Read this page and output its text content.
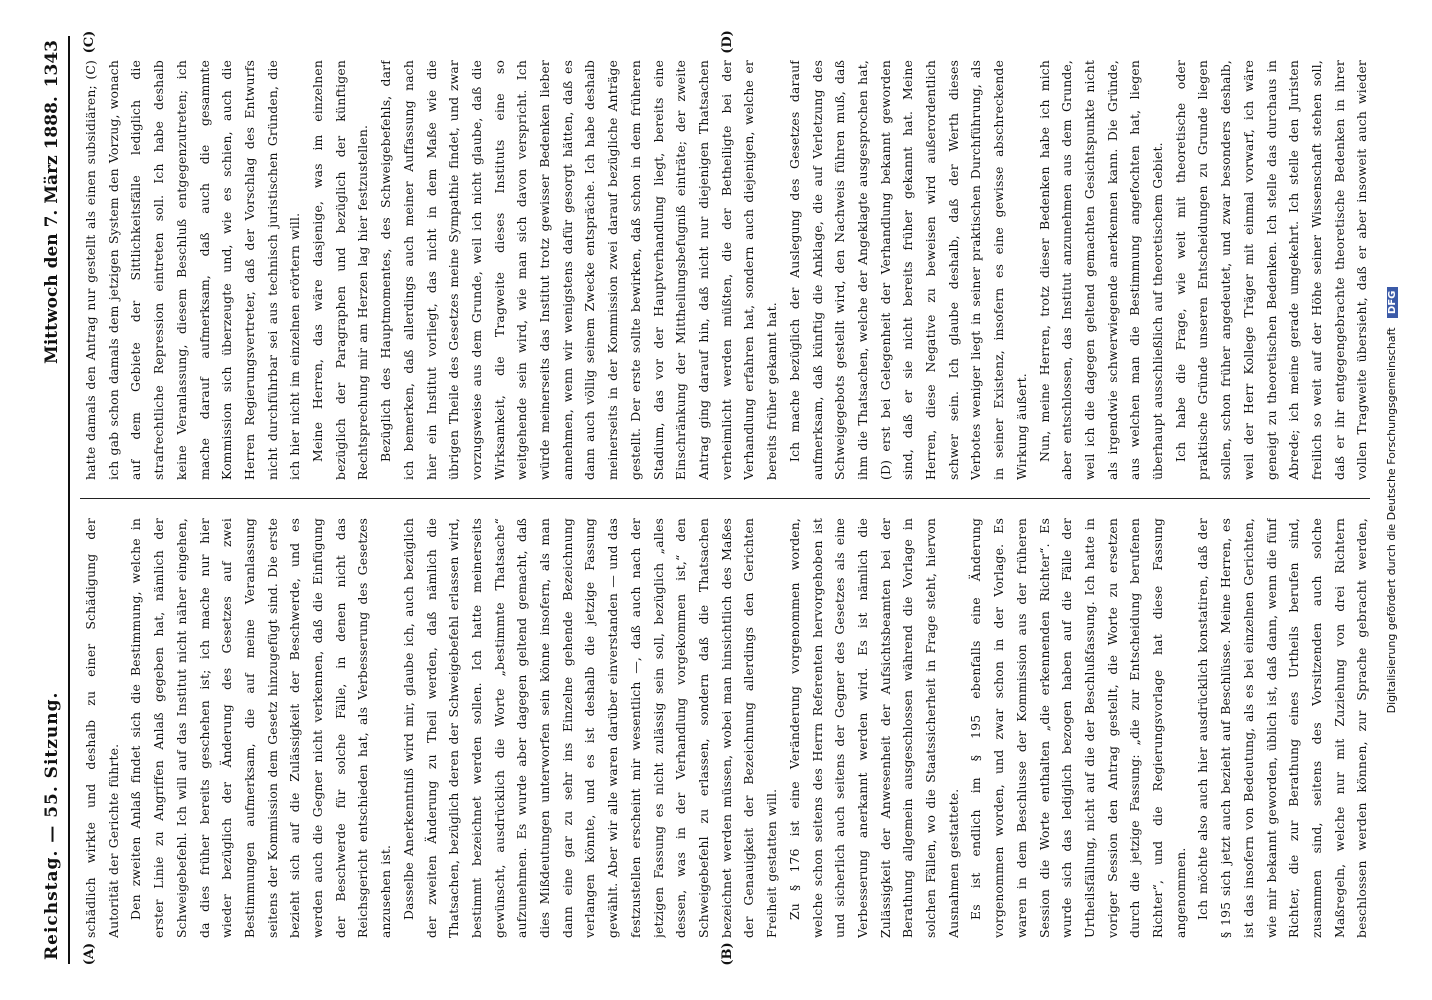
Reichstag. — 55. Sitzung.
Mittwoch den 7. März 1888.
1343
(A)	(B)
(C)	(D)

schädlich wirkte und deshalb zu einer Schädigung der Autorität der Gerichte führte. Den zweiten Anlaß findet sich die Bestimmung, welche in erster Linie zu Angriffen Anlaß gegeben hat, nämlich der Schweigebefehl. Ich will auf das Institut nicht näher eingehen, da dies früher bereits geschehen ist; ich mache nur hier wieder bezüglich der Änderung des Gesetzes auf zwei Bestimmungen aufmerksam, die auf meine Veranlassung seitens der Kommission dem Gesetz hinzugefügt sind. Die erste bezieht sich auf die Zulässigkeit der Beschwerde, und es werden auch die Gegner nicht verkennen, daß die Einfügung der Beschwerde für solche Fälle, in denen nicht das Reichsgericht entschieden hat, als Verbesserung des Gesetzes anzusehen ist. Dasselbe Anerkenntniß wird mir, glaube ich, auch bezüglich der zweiten Änderung zu Theil werden, daß nämlich die Thatsachen, bezüglich deren der Schweigebefehl erlassen wird, bestimmt bezeichnet werden sollen. Ich hatte meinerseits gewünscht, ausdrücklich die Worte „bestimmte Thatsache“ aufzunehmen. Es wurde aber dagegen geltend gemacht, daß dies Mißdeutungen unterworfen sein könne insofern, als man dann eine gar zu sehr ins Einzelne gehende Bezeichnung verlangen könnte, und es ist deshalb die jetzige Fassung gewählt. Aber wir alle waren darüber einverstanden — und das festzustellen erscheint mir wesentlich —, daß auch nach der jetzigen Fassung es nicht zulässig sein soll, bezüglich „alles dessen, was in der Verhandlung vorgekommen ist,“ den Schweigebefehl zu erlassen, sondern daß die Thatsachen bezeichnet werden müssen, wobei man hinsichtlich des Maßes der Genauigkeit der Bezeichnung allerdings den Gerichten Freiheit gestatten will. Zu § 176 ist eine Veränderung vorgenommen worden, welche schon seitens des Herrn Referenten hervorgehoben ist und sicherlich auch seitens der Gegner des Gesetzes als eine Verbesserung anerkannt werden wird. Es ist nämlich die Zulässigkeit der Anwesenheit der Aufsichtsbeamten bei der Berathung allgemein ausgeschlossen während die Vorlage in solchen Fällen, wo die Staatssicherheit in Frage steht, hiervon Ausnahmen gestattete. Es ist endlich im § 195 ebenfalls eine Änderung vorgenommen worden, und zwar schon in der Vorlage. Es waren in dem Beschlusse der Kommission aus der früheren Session die Worte enthalten „die erkennenden Richter“. Es wurde sich das lediglich bezogen haben auf die Fälle der Urtheilsfällung, nicht auf die der Beschlußfassung. Ich hatte in voriger Session den Antrag gestellt, die Worte zu ersetzen durch die jetzige Fassung: „die zur Entscheidung berufenen Richter“, und die Regierungsvorlage hat diese Fassung angenommen. Ich möchte also auch hier ausdrücklich konstatiren, daß der § 195 sich jetzt auch bezieht auf Beschlüsse. Meine Herren, es ist das insofern von Bedeutung, als es bei einzelnen Gerichten, wie mir bekannt geworden, üblich ist, daß dann, wenn die fünf Richter, die zur Berathung eines Urtheils berufen sind, zusammen sind, seitens des Vorsitzenden auch solche Maßregeln, welche nur mit Zuziehung von drei Richtern beschlossen werden können, zur Sprache gebracht werden,

hatte damals den Antrag nur gestellt als einen subsidiären; (C) ich gab schon damals dem jetzigen System den Vorzug, wonach auf dem Gebiete der Sittlichkeitsfälle lediglich die strafrechtliche Repression eintreten soll. Ich habe deshalb keine Veranlassung, diesem Beschluß entgegenzutreten; ich mache darauf aufmerksam, daß auch die gesammte Kommission sich überzeugte und, wie es schien, auch die Herren Regierungsvertreter, daß der Vorschlag des Entwurfs nicht durchführbar sei aus technisch juristischen Gründen, die ich hier nicht im einzelnen erörtern will. Meine Herren, das wäre dasjenige, was im einzelnen bezüglich der Paragraphen und bezüglich der künftigen Rechtsprechung mir am Herzen lag hier festzustellen. Bezüglich des Hauptmomentes, des Schweigebefehls, darf ich bemerken, daß allerdings auch meiner Auffassung nach hier ein Institut vorliegt, das nicht in dem Maße wie die übrigen Theile des Gesetzes meine Sympathie findet, und zwar vorzugsweise aus dem Grunde, weil ich nicht glaube, daß die Wirksamkeit, die Tragweite dieses Instituts eine so weitgehende sein wird, wie man sich davon verspricht. Ich würde meinerseits das Institut trotz gewisser Bedenken lieber annehmen, wenn wir wenigstens dafür gesorgt hätten, daß es dann auch völlig seinem Zwecke entspräche. Ich habe deshalb meinerseits in der Kommission zwei darauf bezügliche Anträge gestellt. Der erste sollte bewirken, daß schon in dem früheren Stadium, das vor der Hauptverhandlung liegt, bereits eine Einschränkung der Mittheilungsbefugniß einträte; der zweite Antrag ging darauf hin, daß nicht nur diejenigen Thatsachen verheimlicht werden müßten, die der Betheiligte bei der Verhandlung erfahren hat, sondern auch diejenigen, welche er bereits früher gekannt hat. Ich mache bezüglich der Auslegung des Gesetzes darauf aufmerksam, daß künftig die Anklage, die auf Verletzung des Schweigegebots gestellt wird, den Nachweis führen muß, daß ihm die Thatsachen, welche der Angeklagte ausgesprochen hat, (D) erst bei Gelegenheit der Verhandlung bekannt geworden sind, daß er sie nicht bereits früher gekannt hat. Meine Herren, diese Negative zu beweisen wird außerordentlich schwer sein. Ich glaube deshalb, daß der Werth dieses Verbotes weniger liegt in seiner praktischen Durchführung, als in seiner Existenz, insofern es eine gewisse abschreckende Wirkung äußert. Nun, meine Herren, trotz dieser Bedenken habe ich mich aber entschlossen, das Institut anzunehmen aus dem Grunde, weil ich die dagegen geltend gemachten Gesichtspunkte nicht als irgendwie schwerwiegende anerkennen kann. Die Gründe, aus welchen man die Bestimmung angefochten hat, liegen überhaupt ausschließlich auf theoretischem Gebiet. Ich habe die Frage, wie weit mit theoretische oder praktische Gründe unseren Entscheidungen zu Grunde liegen sollen, schon früher angedeutet, und zwar besonders deshalb, weil der Herr Kollege Träger mit einmal vorwarf, ich wäre geneigt zu theoretischen Bedenken. Ich stelle das durchaus in Abrede; ich meine gerade umgekehrt. Ich stelle den Juristen freilich so weit auf der Höhe seiner Wissenschaft stehen soll, daß er ihr entgegengebrachte theoretische Bedenken in ihrer vollen Tragweite übersieht, daß er aber insoweit auch wieder

Digitalisierung gefördert durch die Deutsche Forschungsgemeinschaft DFG
